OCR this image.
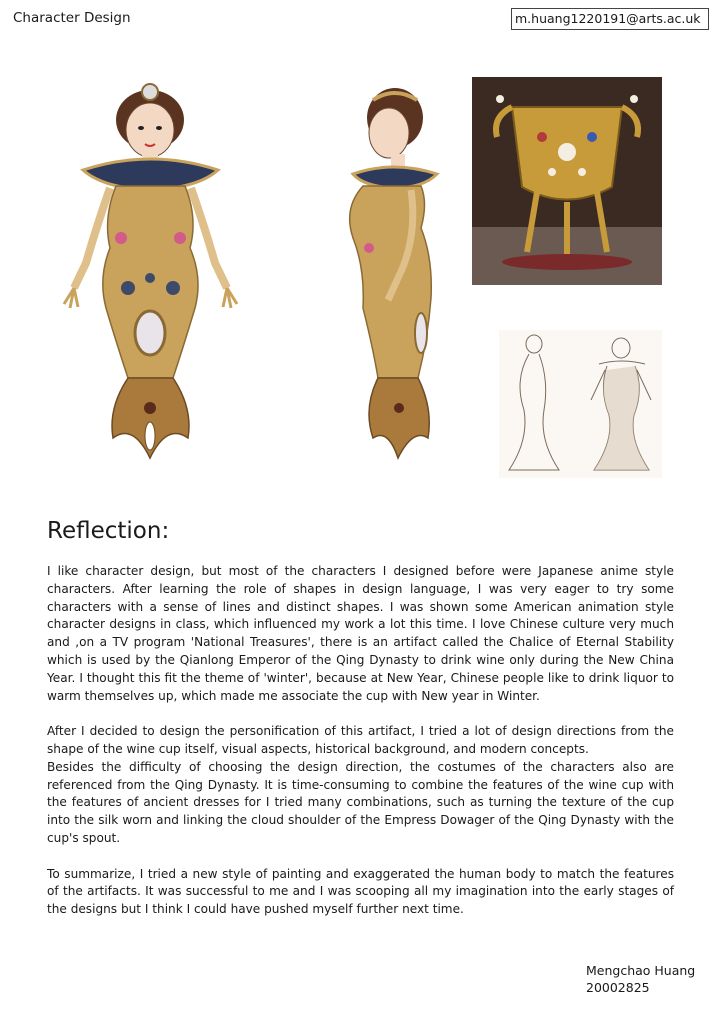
Character Design	m.huang1220191@arts.ac.uk
Reflection:

I like character design, but most of the characters I designed before were Japanese anime style characters. After learning the role of shapes in design language, I was very eager to try some characters with a sense of lines and distinct shapes. I was shown some American animation style character designs in class, which influenced my work a lot this time. I love Chinese culture very much and ,on a TV program 'National Treasures', there is an artifact called the Chalice of Eternal Stability which is used by the Qianlong Emperor of the Qing Dynasty to drink wine only during the New China Year. I thought this fit the theme of 'winter', because at New Year, Chinese people like to drink liquor to warm themselves up, which made me associate the cup with New year in Winter.

After I decided to design the personification of this artifact, I tried a lot of design directions from the shape of the wine cup itself, visual aspects, historical background, and modern concepts.

Besides the difficulty of choosing the design direction, the costumes of the characters also are referenced from the Qing Dynasty. It is time-consuming to combine the features of the wine cup with the features of ancient dresses for I tried many combinations, such as turning the texture of the cup into the silk worn and linking the cloud shoulder of the Empress Dowager of the Qing Dynasty with the cup's spout.

To summarize, I tried a new style of painting and exaggerated the human body to match the features of the artifacts. It was successful to me and I was scooping all my imagination into the early stages of the designs but I think I could have pushed myself further next time.

Mengchao Huang
20002825
